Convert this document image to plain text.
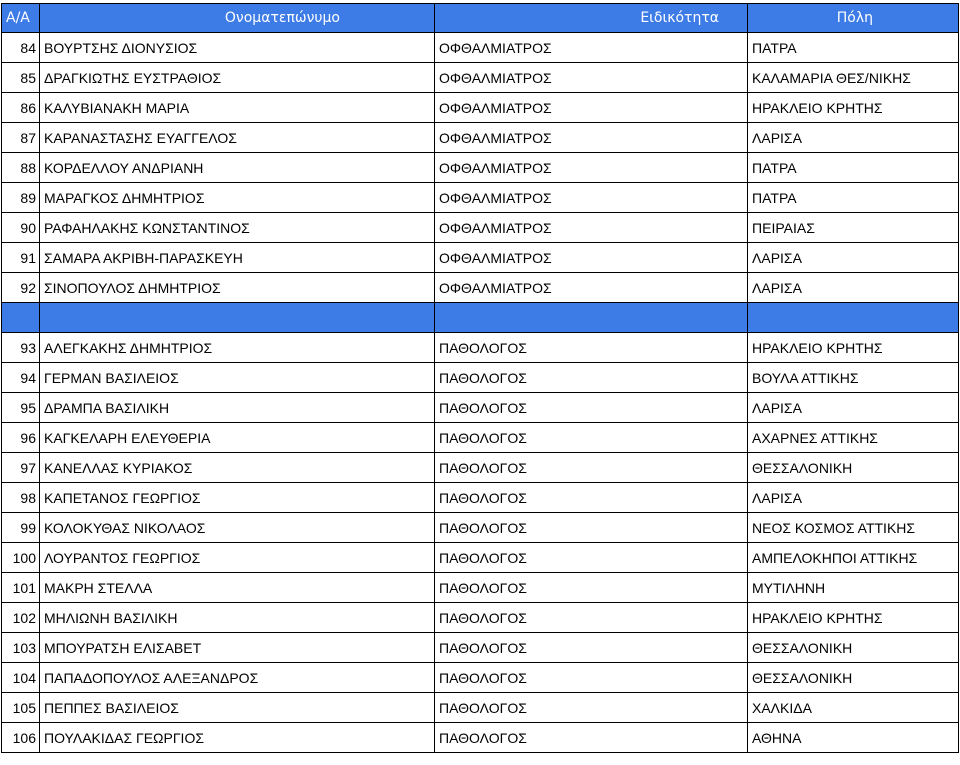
Α/Α	Ονοματεπώνυμο	Ειδικότητα	Πόλη
84	ΒΟΥΡΤΣΗΣ ΔΙΟΝΥΣΙΟΣ	ΟΦΘΑΛΜΙΑΤΡΟΣ	ΠΑΤΡΑ
85	ΔΡΑΓΚΙΩΤΗΣ ΕΥΣΤΡΑΘΙΟΣ	ΟΦΘΑΛΜΙΑΤΡΟΣ	ΚΑΛΑΜΑΡΙΑ ΘΕΣ/ΝΙΚΗΣ
86	ΚΑΛΥΒΙΑΝΑΚΗ ΜΑΡΙΑ	ΟΦΘΑΛΜΙΑΤΡΟΣ	ΗΡΑΚΛΕΙΟ ΚΡΗΤΗΣ
87	ΚΑΡΑΝΑΣΤΑΣΗΣ ΕΥΑΓΓΕΛΟΣ	ΟΦΘΑΛΜΙΑΤΡΟΣ	ΛΑΡΙΣΑ
88	ΚΟΡΔΕΛΛΟΥ ΑΝΔΡΙΑΝΗ	ΟΦΘΑΛΜΙΑΤΡΟΣ	ΠΑΤΡΑ
89	ΜΑΡΑΓΚΟΣ ΔΗΜΗΤΡΙΟΣ	ΟΦΘΑΛΜΙΑΤΡΟΣ	ΠΑΤΡΑ
90	ΡΑΦΑΗΛΑΚΗΣ ΚΩΝΣΤΑΝΤΙΝΟΣ	ΟΦΘΑΛΜΙΑΤΡΟΣ	ΠΕΙΡΑΙΑΣ
91	ΣΑΜΑΡΑ ΑΚΡΙΒΗ-ΠΑΡΑΣΚΕΥΗ	ΟΦΘΑΛΜΙΑΤΡΟΣ	ΛΑΡΙΣΑ
92	ΣΙΝΟΠΟΥΛΟΣ ΔΗΜΗΤΡΙΟΣ	ΟΦΘΑΛΜΙΑΤΡΟΣ	ΛΑΡΙΣΑ

93	ΑΛΕΓΚΑΚΗΣ ΔΗΜΗΤΡΙΟΣ	ΠΑΘΟΛΟΓΟΣ	ΗΡΑΚΛΕΙΟ ΚΡΗΤΗΣ
94	ΓΕΡΜΑΝ ΒΑΣΙΛΕΙΟΣ	ΠΑΘΟΛΟΓΟΣ	ΒΟΥΛΑ ΑΤΤΙΚΗΣ
95	ΔΡΑΜΠΑ ΒΑΣΙΛΙΚΗ	ΠΑΘΟΛΟΓΟΣ	ΛΑΡΙΣΑ
96	ΚΑΓΚΕΛΑΡΗ ΕΛΕΥΘΕΡΙΑ	ΠΑΘΟΛΟΓΟΣ	ΑΧΑΡΝΕΣ ΑΤΤΙΚΗΣ
97	ΚΑΝΕΛΛΑΣ ΚΥΡΙΑΚΟΣ	ΠΑΘΟΛΟΓΟΣ	ΘΕΣΣΑΛΟΝΙΚΗ
98	ΚΑΠΕΤΑΝΟΣ ΓΕΩΡΓΙΟΣ	ΠΑΘΟΛΟΓΟΣ	ΛΑΡΙΣΑ
99	ΚΟΛΟΚΥΘΑΣ ΝΙΚΟΛΑΟΣ	ΠΑΘΟΛΟΓΟΣ	ΝΕΟΣ ΚΟΣΜΟΣ ΑΤΤΙΚΗΣ
100	ΛΟΥΡΑΝΤΟΣ ΓΕΩΡΓΙΟΣ	ΠΑΘΟΛΟΓΟΣ	ΑΜΠΕΛΟΚΗΠΟΙ ΑΤΤΙΚΗΣ
101	ΜΑΚΡΗ ΣΤΕΛΛΑ	ΠΑΘΟΛΟΓΟΣ	ΜΥΤΙΛΗΝΗ
102	ΜΗΛΙΩΝΗ ΒΑΣΙΛΙΚΗ	ΠΑΘΟΛΟΓΟΣ	ΗΡΑΚΛΕΙΟ ΚΡΗΤΗΣ
103	ΜΠΟΥΡΑΤΣΗ ΕΛΙΣΑΒΕΤ	ΠΑΘΟΛΟΓΟΣ	ΘΕΣΣΑΛΟΝΙΚΗ
104	ΠΑΠΑΔΟΠΟΥΛΟΣ ΑΛΕΞΑΝΔΡΟΣ	ΠΑΘΟΛΟΓΟΣ	ΘΕΣΣΑΛΟΝΙΚΗ
105	ΠΕΠΠΕΣ ΒΑΣΙΛΕΙΟΣ	ΠΑΘΟΛΟΓΟΣ	ΧΑΛΚΙΔΑ
106	ΠΟΥΛΑΚΙΔΑΣ ΓΕΩΡΓΙΟΣ	ΠΑΘΟΛΟΓΟΣ	ΑΘΗΝΑ
